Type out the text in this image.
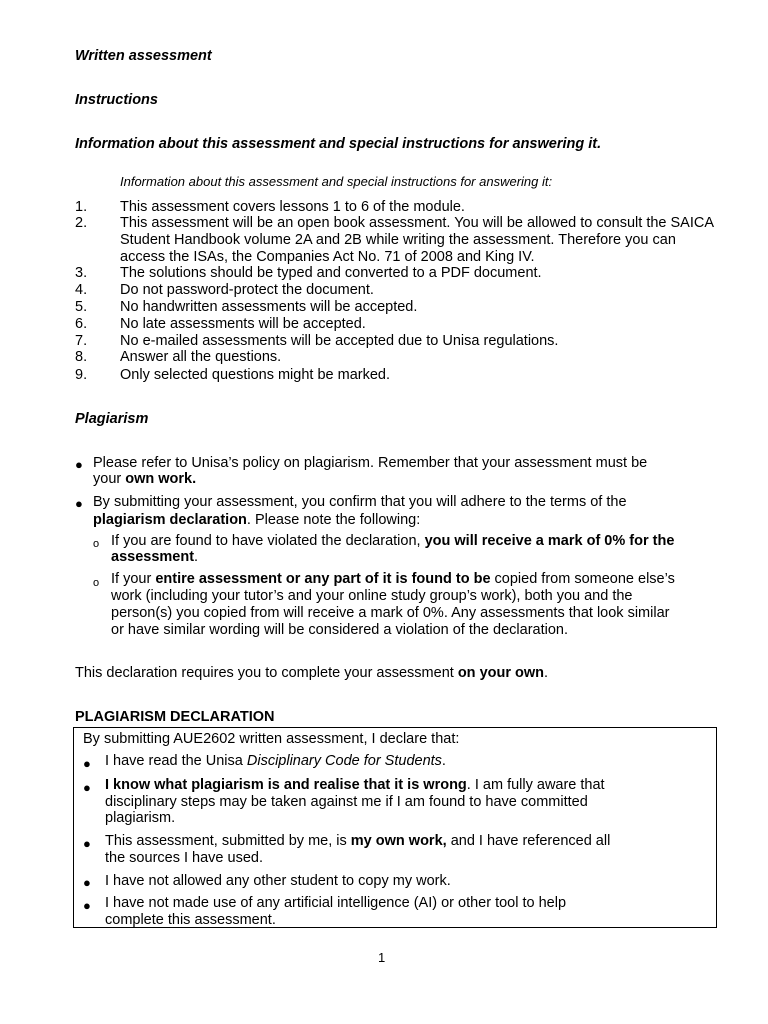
Written assessment
Instructions
Information about this assessment and special instructions for answering it.
Information about this assessment and special instructions for answering it:
1. This assessment covers lessons 1 to 6 of the module.
2. This assessment will be an open book assessment. You will be allowed to consult the SAICA
Student Handbook volume 2A and 2B while writing the assessment. Therefore you can
access the ISAs, the Companies Act No. 71 of 2008 and King IV.
3. The solutions should be typed and converted to a PDF document.
4. Do not password-protect the document.
5. No handwritten assessments will be accepted.
6. No late assessments will be accepted.
7. No e-mailed assessments will be accepted due to Unisa regulations.
8. Answer all the questions.
9. Only selected questions might be marked.
Plagiarism
● Please refer to Unisa’s policy on plagiarism. Remember that your assessment must be
your own work.
● By submitting your assessment, you confirm that you will adhere to the terms of the
plagiarism declaration. Please note the following:
o If you are found to have violated the declaration, you will receive a mark of 0% for the
assessment.
o If your entire assessment or any part of it is found to be copied from someone else’s
work (including your tutor’s and your online study group’s work), both you and the
person(s) you copied from will receive a mark of 0%. Any assessments that look similar
or have similar wording will be considered a violation of the declaration.
This declaration requires you to complete your assessment on your own.
PLAGIARISM DECLARATION
By submitting AUE2602 written assessment, I declare that:
● I have read the Unisa Disciplinary Code for Students.
● I know what plagiarism is and realise that it is wrong. I am fully aware that
disciplinary steps may be taken against me if I am found to have committed
plagiarism.
● This assessment, submitted by me, is my own work, and I have referenced all
the sources I have used.
● I have not allowed any other student to copy my work.
● I have not made use of any artificial intelligence (AI) or other tool to help
complete this assessment.
1
